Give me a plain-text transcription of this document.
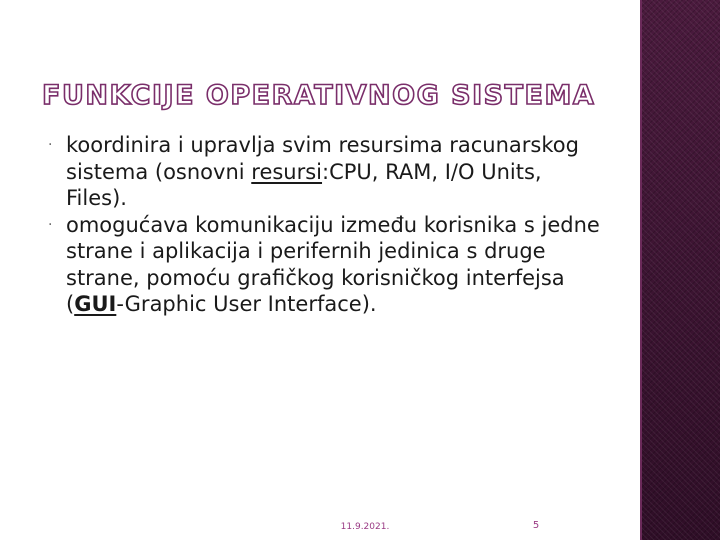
FUNKCIJE OPERATIVNOG SISTEMA
· koordinira i upravlja svim resursima racunarskog sistema (osnovni resursi:CPU, RAM, I/O Units, Files).
· omogućava komunikaciju između korisnika s jedne strane i aplikacija i perifernih jedinica s druge strane, pomoću grafičkog korisničkog interfejsa (GUI-Graphic User Interface).
11.9.2021.	5
